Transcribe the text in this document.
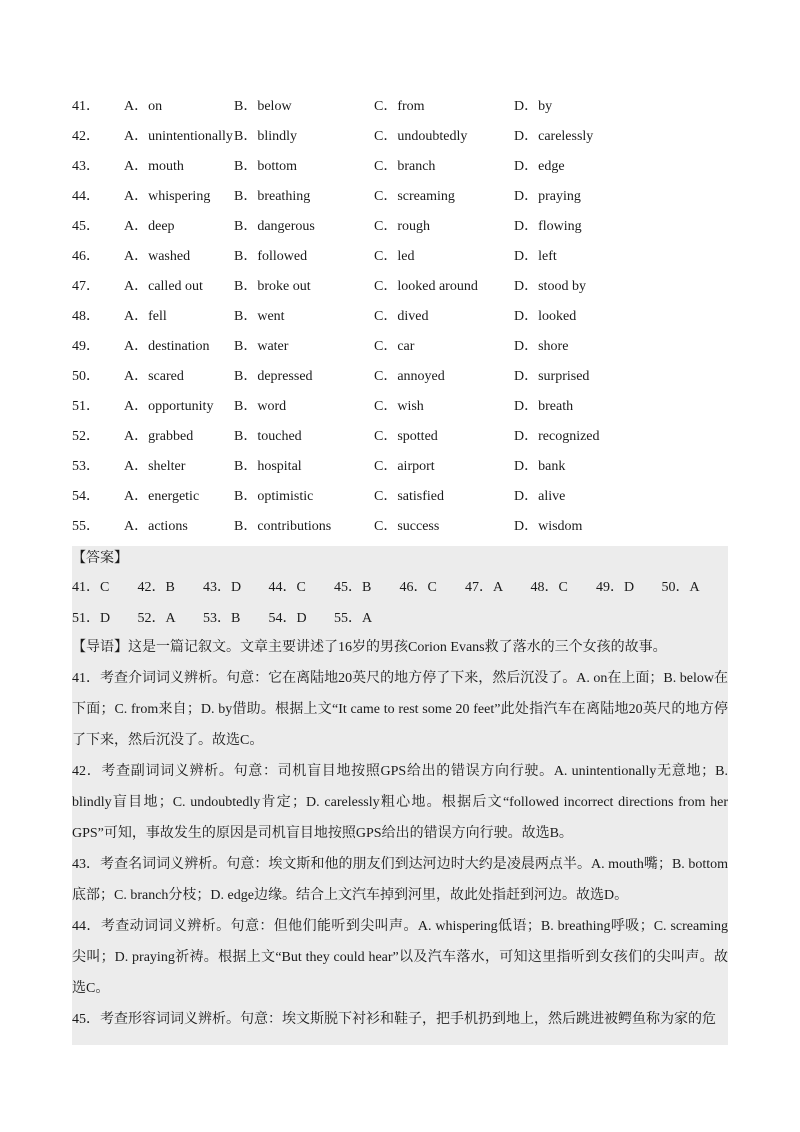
41． A．on	B．below	C．from	D．by
42． A．unintentionally B．blindly	C．undoubtedly	D．carelessly
43． A．mouth	B．bottom	C．branch	D．edge
44． A．whispering B．breathing	C．screaming	D．praying
45． A．deep	B．dangerous	C．rough	D．flowing
46． A．washed	B．followed	C．led	D．left
47． A．called out B．broke out	C．looked around	D．stood by
48． A．fell	B．went	C．dived	D．looked
49． A．destination B．water	C．car	D．shore
50． A．scared	B．depressed	C．annoyed	D．surprised
51． A．opportunity B．word	C．wish	D．breath
52． A．grabbed	B．touched	C．spotted	D．recognized
53． A．shelter	B．hospital	C．airport	D．bank
54． A．energetic B．optimistic	C．satisfied	D．alive
55． A．actions	B．contributions	C．success	D．wisdom
【答案】
41．C 42．B 43．D 44．C 45．B 46．C 47．A 48．C 49．D 50．A
51．D 52．A 53．B 54．D 55．A

【导语】这是一篇记叙文。文章主要讲述了16岁的男孩Corion Evans救了落水的三个女孩的故事。

41．考查介词词义辨析。句意：它在离陆地20英尺的地方停了下来，然后沉没了。A. on在上面；B. below在下面；C. from来自；D. by借助。根据上文“It came to rest some 20 feet”此处指汽车在离陆地20英尺的地方停了下来，然后沉没了。故选C。

42．考查副词词义辨析。句意：司机盲目地按照GPS给出的错误方向行驶。A. unintentionally无意地；B. blindly盲目地；C. undoubtedly肯定；D. carelessly粗心地。根据后文“followed incorrect directions from her GPS”可知，事故发生的原因是司机盲目地按照GPS给出的错误方向行驶。故选B。

43．考查名词词义辨析。句意：埃文斯和他的朋友们到达河边时大约是凌晨两点半。A. mouth嘴；B. bottom底部；C. branch分枝；D. edge边缘。结合上文汽车掉到河里，故此处指赶到河边。故选D。

44．考查动词词义辨析。句意：但他们能听到尖叫声。A. whispering低语；B. breathing呼吸；C. screaming尖叫；D. praying祈祷。根据上文“But they could hear”以及汽车落水，可知这里指听到女孩们的尖叫声。故选C。

45．考查形容词词义辨析。句意：埃文斯脱下衬衫和鞋子，把手机扔到地上，然后跳进被鳄鱼称为家的危
